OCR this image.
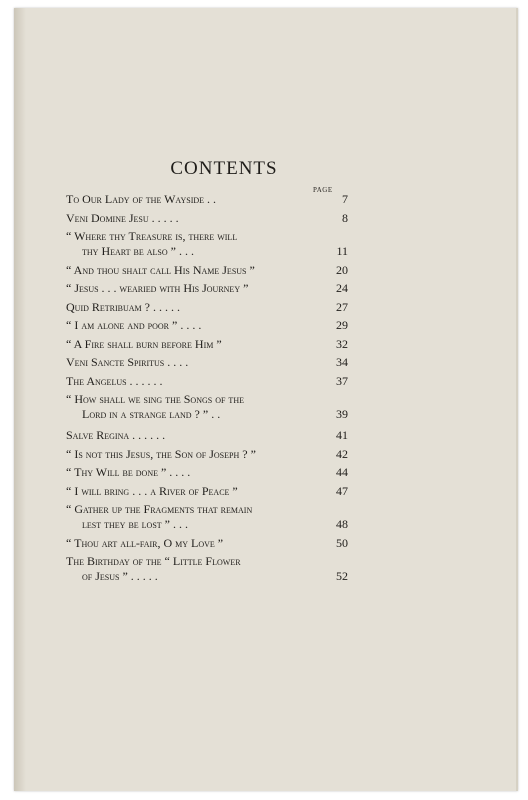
CONTENTS
PAGE
To Our Lady of the Wayside . .	7
Veni Domine Jesu . . . . .	8
“ Where thy Treasure is, there will
thy Heart be also ” . . .	11
“ And thou shalt call His Name Jesus ”	20
“ Jesus . . . wearied with His Journey ”	24
Quid Retribuam ? . . . . .	27
“ I am alone and poor ” . . . .	29
“ A Fire shall burn before Him ”	32
Veni Sancte Spiritus . . . .	34
The Angelus . . . . . .	37
“ How shall we sing the Songs of the
Lord in a strange land ? ” . .	39
Salve Regina . . . . . .	41
“ Is not this Jesus, the Son of Joseph ? ”	42
“ Thy Will be done ” . . . .	44
“ I will bring . . . a River of Peace ”	47
“ Gather up the Fragments that remain
lest they be lost ” . . .	48
“ Thou art all-fair, O my Love ”	50
The Birthday of the “ Little Flower
of Jesus ” . . . . .	52
